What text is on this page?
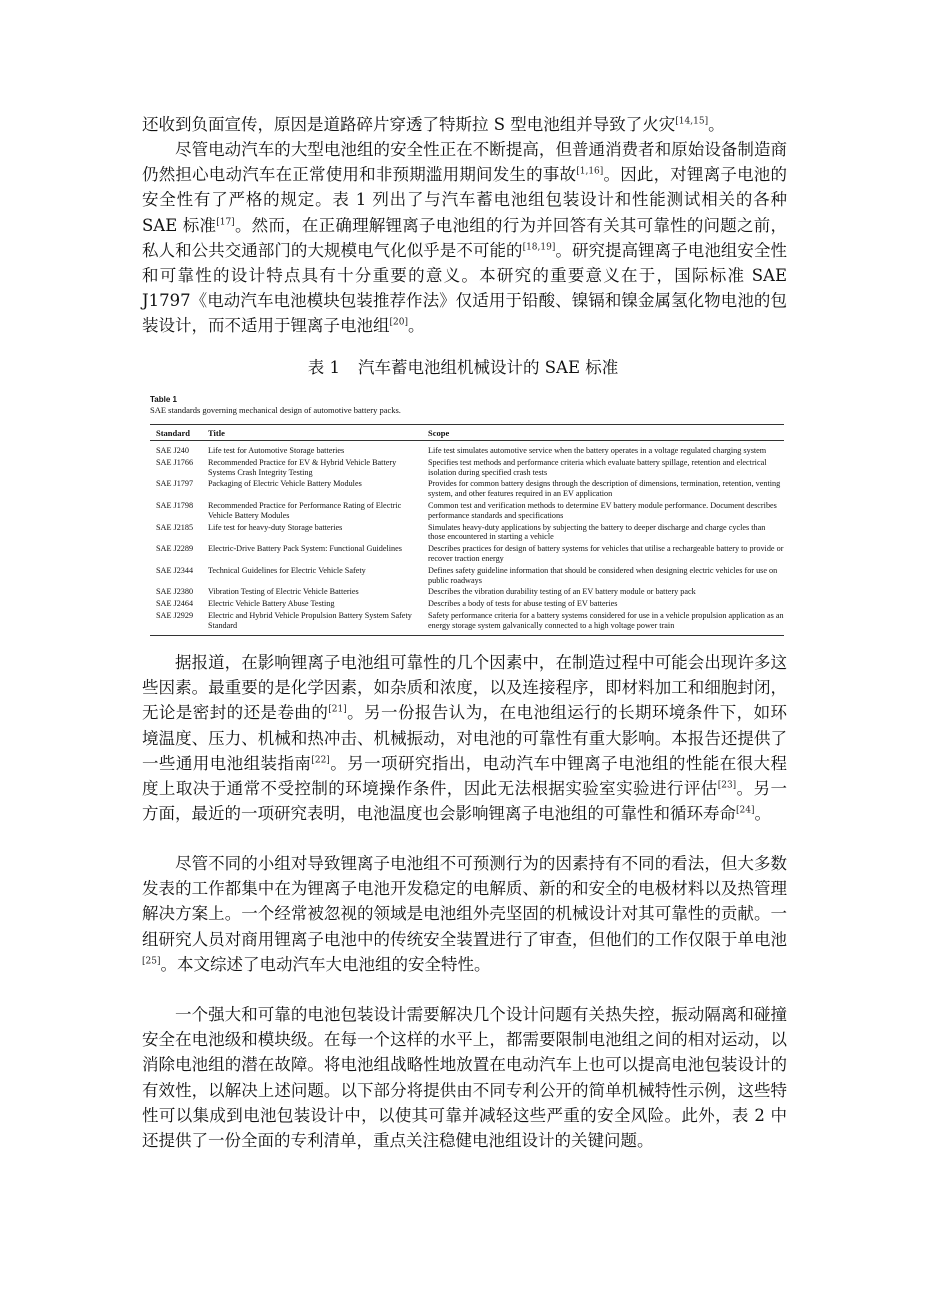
还收到负面宣传，原因是道路碎片穿透了特斯拉 S 型电池组并导致了火灾[14,15]。

尽管电动汽车的大型电池组的安全性正在不断提高，但普通消费者和原始设备制造商仍然担心电动汽车在正常使用和非预期滥用期间发生的事故[1,16]。因此，对锂离子电池的安全性有了严格的规定。表 1 列出了与汽车蓄电池组包装设计和性能测试相关的各种 SAE 标准[17]。然而，在正确理解锂离子电池组的行为并回答有关其可靠性的问题之前，私人和公共交通部门的大规模电气化似乎是不可能的[18,19]。研究提高锂离子电池组安全性和可靠性的设计特点具有十分重要的意义。本研究的重要意义在于，国际标准 SAE J1797《电动汽车电池模块包装推荐作法》仅适用于铅酸、镍镉和镍金属氢化物电池的包装设计，而不适用于锂离子电池组[20]。

表 1 汽车蓄电池组机械设计的 SAE 标准

Table 1
SAE standards governing mechanical design of automotive battery packs.
Standard	Title	Scope
SAE J240	Life test for Automotive Storage batteries	Life test simulates automotive service when the battery operates in a voltage regulated charging system
SAE J1766	Recommended Practice for EV & Hybrid Vehicle Battery Systems Crash Integrity Testing	Specifies test methods and performance criteria which evaluate battery spillage, retention and electrical isolation during specified crash tests
SAE J1797	Packaging of Electric Vehicle Battery Modules	Provides for common battery designs through the description of dimensions, termination, retention, venting system, and other features required in an EV application
SAE J1798	Recommended Practice for Performance Rating of Electric Vehicle Battery Modules	Common test and verification methods to determine EV battery module performance. Document describes performance standards and specifications
SAE J2185	Life test for heavy-duty Storage batteries	Simulates heavy-duty applications by subjecting the battery to deeper discharge and charge cycles than those encountered in starting a vehicle
SAE J2289	Electric-Drive Battery Pack System: Functional Guidelines	Describes practices for design of battery systems for vehicles that utilise a rechargeable battery to provide or recover traction energy
SAE J2344	Technical Guidelines for Electric Vehicle Safety	Defines safety guideline information that should be considered when designing electric vehicles for use on public roadways
SAE J2380	Vibration Testing of Electric Vehicle Batteries	Describes the vibration durability testing of an EV battery module or battery pack
SAE J2464	Electric Vehicle Battery Abuse Testing	Describes a body of tests for abuse testing of EV batteries
SAE J2929	Electric and Hybrid Vehicle Propulsion Battery System Safety Standard	Safety performance criteria for a battery systems considered for use in a vehicle propulsion application as an energy storage system galvanically connected to a high voltage power train

据报道，在影响锂离子电池组可靠性的几个因素中，在制造过程中可能会出现许多这些因素。最重要的是化学因素，如杂质和浓度，以及连接程序，即材料加工和细胞封闭，无论是密封的还是卷曲的[21]。另一份报告认为，在电池组运行的长期环境条件下，如环境温度、压力、机械和热冲击、机械振动，对电池的可靠性有重大影响。本报告还提供了一些通用电池组装指南[22]。另一项研究指出，电动汽车中锂离子电池组的性能在很大程度上取决于通常不受控制的环境操作条件，因此无法根据实验室实验进行评估[23]。另一方面，最近的一项研究表明，电池温度也会影响锂离子电池组的可靠性和循环寿命[24]。

尽管不同的小组对导致锂离子电池组不可预测行为的因素持有不同的看法，但大多数发表的工作都集中在为锂离子电池开发稳定的电解质、新的和安全的电极材料以及热管理解决方案上。一个经常被忽视的领域是电池组外壳坚固的机械设计对其可靠性的贡献。一组研究人员对商用锂离子电池中的传统安全装置进行了审查，但他们的工作仅限于单电池[25]。本文综述了电动汽车大电池组的安全特性。

一个强大和可靠的电池包装设计需要解决几个设计问题有关热失控，振动隔离和碰撞安全在电池级和模块级。在每一个这样的水平上，都需要限制电池组之间的相对运动，以消除电池组的潜在故障。将电池组战略性地放置在电动汽车上也可以提高电池包装设计的有效性，以解决上述问题。以下部分将提供由不同专利公开的简单机械特性示例，这些特性可以集成到电池包装设计中，以使其可靠并减轻这些严重的安全风险。此外，表 2 中还提供了一份全面的专利清单，重点关注稳健电池组设计的关键问题。
